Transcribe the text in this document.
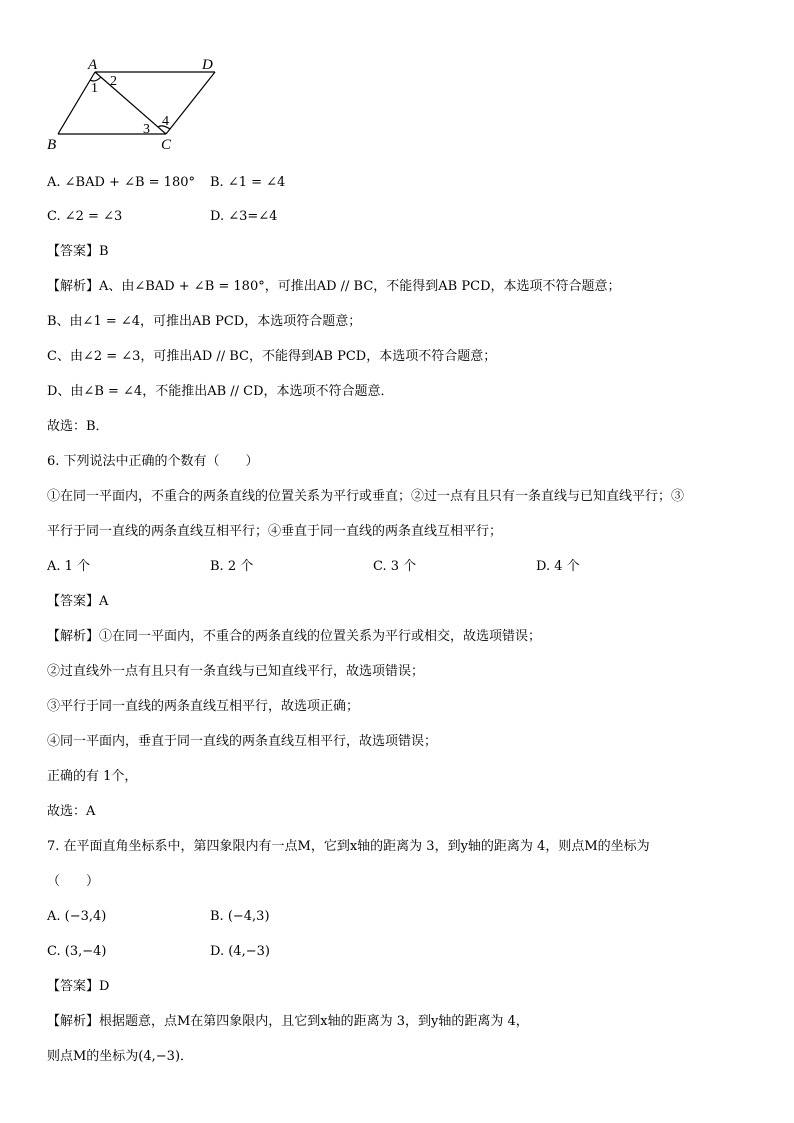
A	D
B	C
1 2
3
4
A. ∠BAD + ∠B = 180° B. ∠1 = ∠4
C. ∠2 = ∠3	D. ∠3=∠4
【答案】B
【解析】A、由∠BAD + ∠B = 180°，可推出AD // BC，不能得到AB PCD，本选项不符合题意；
B、由∠1 = ∠4，可推出AB PCD，本选项符合题意；
C、由∠2 = ∠3，可推出AD // BC，不能得到AB PCD，本选项不符合题意；
D、由∠B = ∠4，不能推出AB // CD，本选项不符合题意．
故选：B．
6. 下列说法中正确的个数有（　　）
①在同一平面内，不重合的两条直线的位置关系为平行或垂直；②过一点有且只有一条直线与已知直线平行；③
平行于同一直线的两条直线互相平行；④垂直于同一直线的两条直线互相平行；
A. 1 个	B. 2 个	C. 3 个	D. 4 个
【答案】A
【解析】①在同一平面内，不重合的两条直线的位置关系为平行或相交，故选项错误；
②过直线外一点有且只有一条直线与已知直线平行，故选项错误；
③平行于同一直线的两条直线互相平行，故选项正确；
④同一平面内，垂直于同一直线的两条直线互相平行，故选项错误；
正确的有 1个，
故选：A
7. 在平面直角坐标系中，第四象限内有一点M，它到x轴的距离为 3，到y轴的距离为 4，则点M的坐标为
（　　）
A. (−3,4)	B. (−4,3)
C. (3,−4)	D. (4,−3)
【答案】D
【解析】根据题意，点M在第四象限内，且它到x轴的距离为 3，到y轴的距离为 4，
则点M的坐标为(4,−3)．
